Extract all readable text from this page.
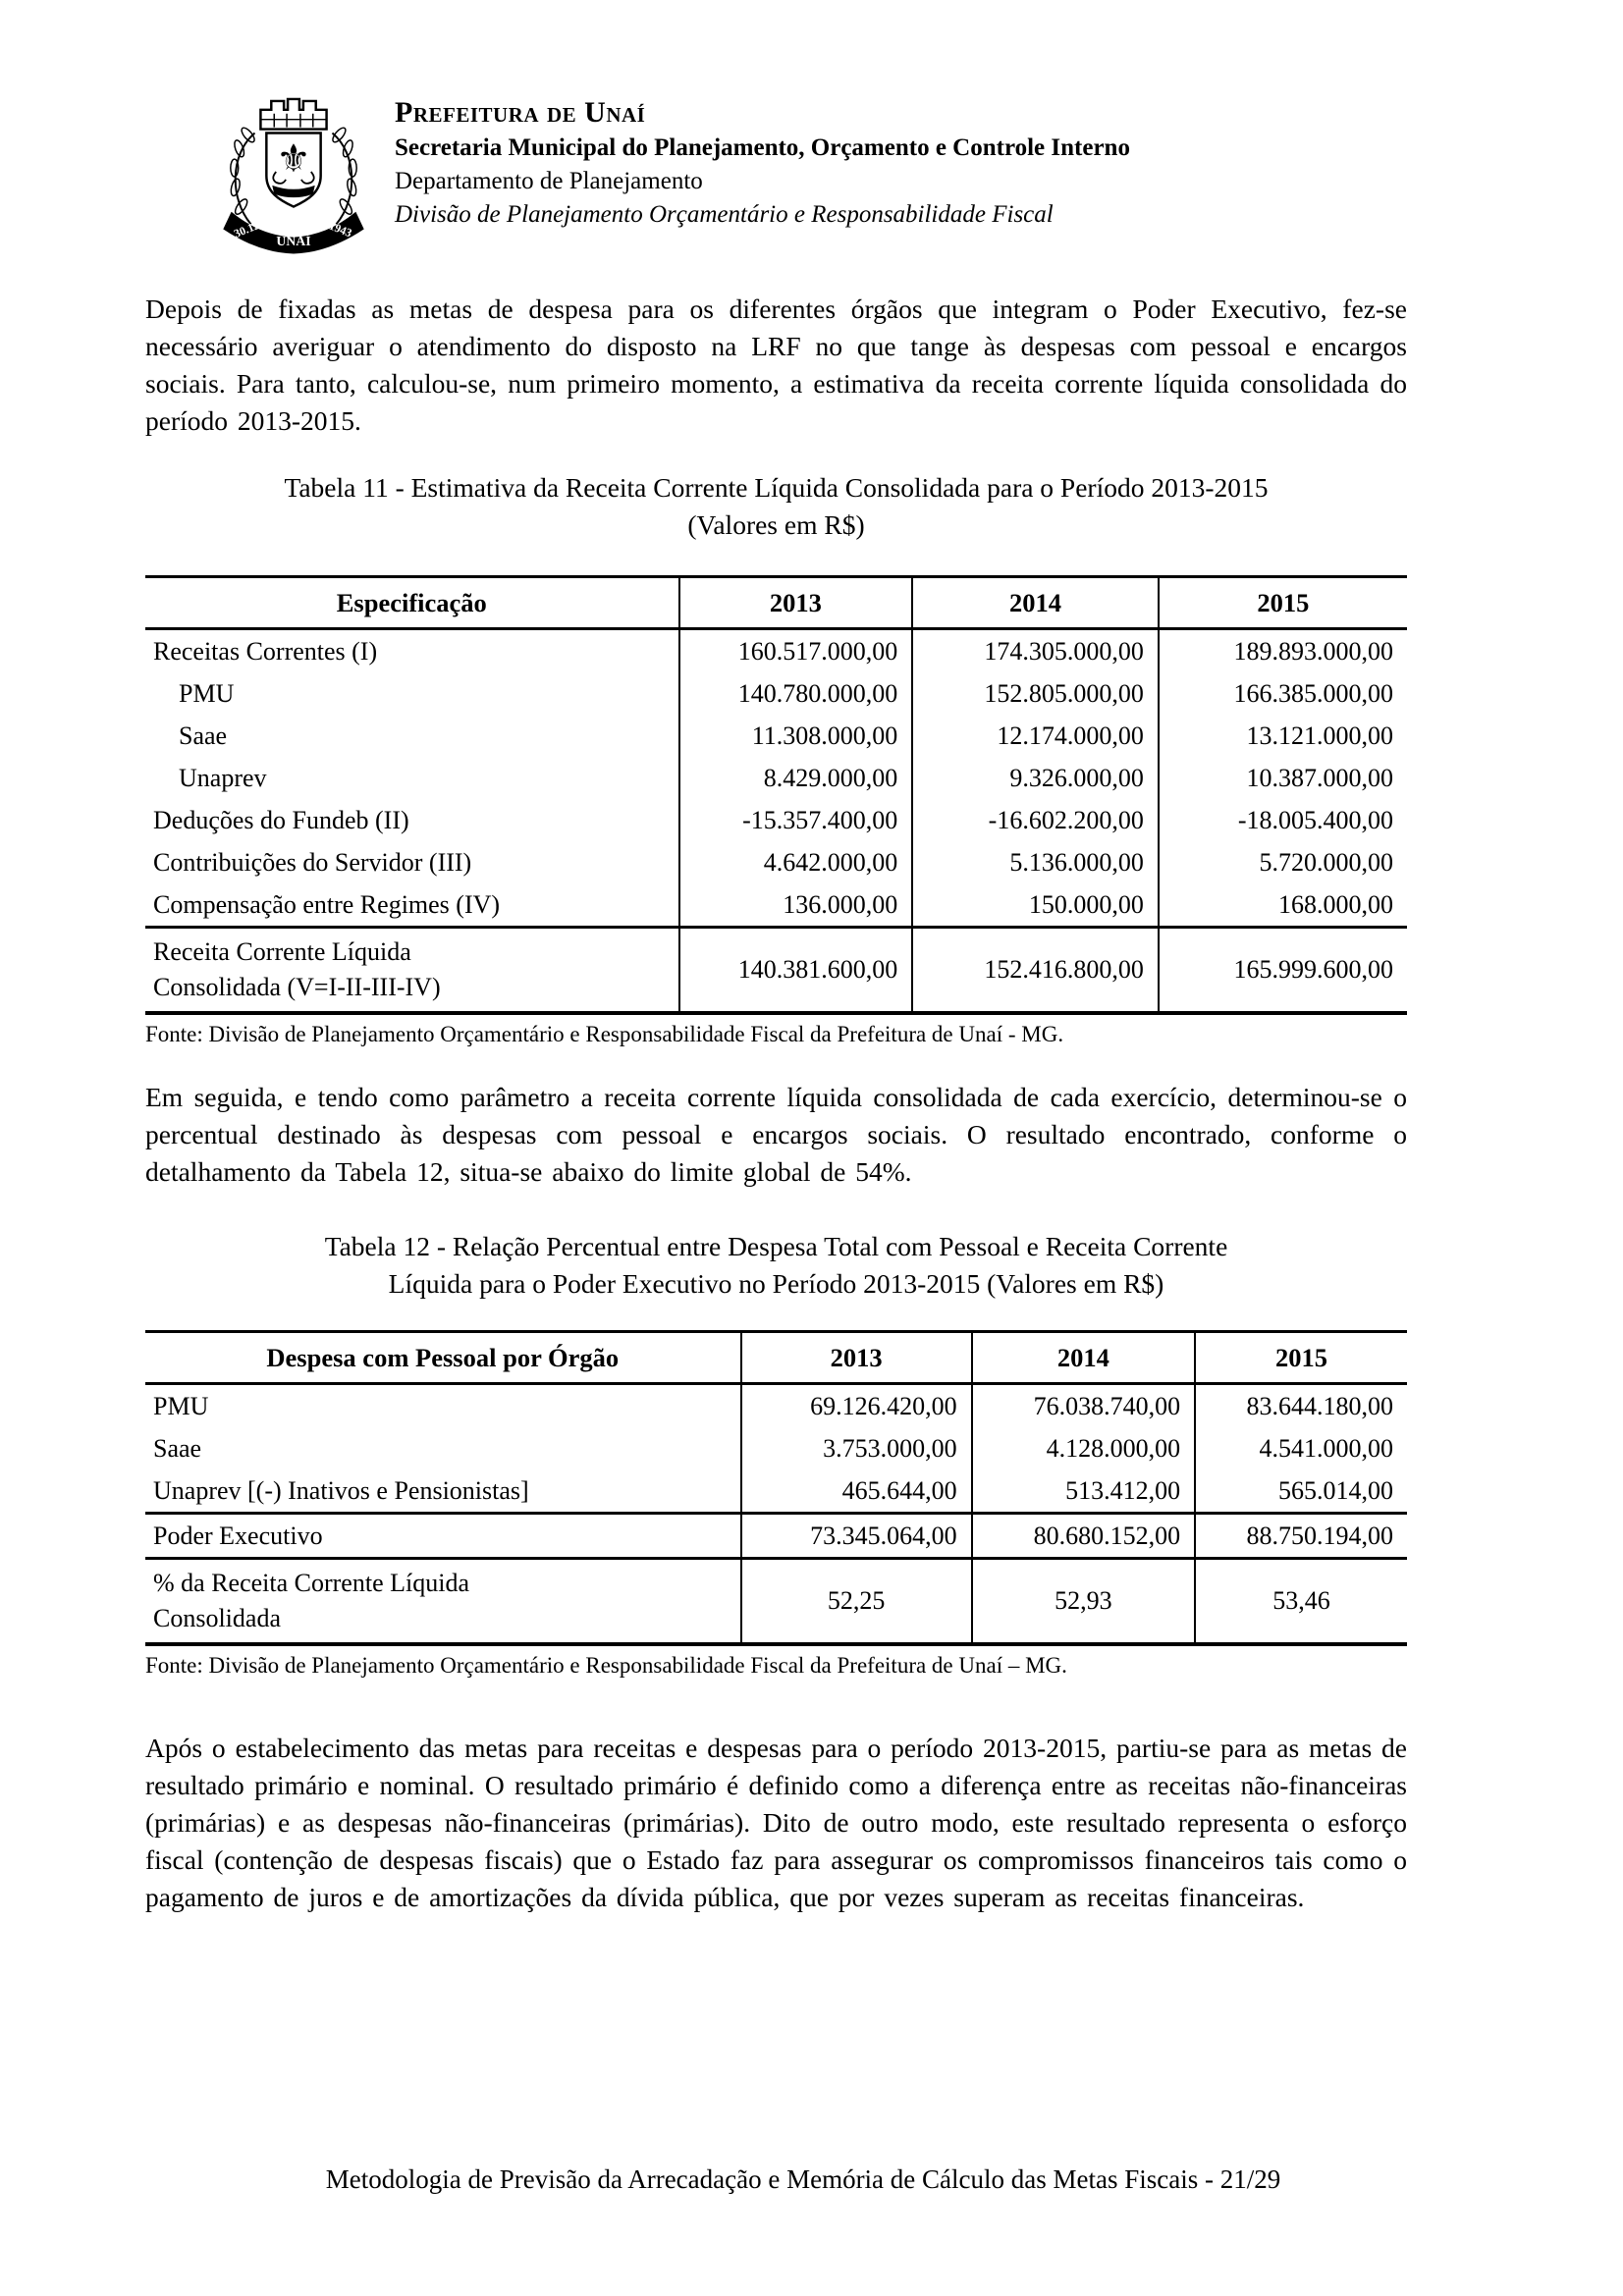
⚜
30.12
UNAÍ
1943
Prefeitura de Unaí
Secretaria Municipal do Planejamento, Orçamento e Controle Interno
Departamento de Planejamento
Divisão de Planejamento Orçamentário e Responsabilidade Fiscal

Depois de fixadas as metas de despesa para os diferentes órgãos que integram o Poder Executivo, fez-se necessário averiguar o atendimento do disposto na LRF no que tange às despesas com pessoal e encargos sociais. Para tanto, calculou-se, num primeiro momento, a estimativa da receita corrente líquida consolidada do período 2013-2015.

Tabela 11 - Estimativa da Receita Corrente Líquida Consolidada para o Período 2013-2015
(Valores em R$)
Especificação	2013	2014	2015
Receitas Correntes (I)	160.517.000,00	174.305.000,00	189.893.000,00
PMU	140.780.000,00	152.805.000,00	166.385.000,00
Saae	11.308.000,00	12.174.000,00	13.121.000,00
Unaprev	8.429.000,00	9.326.000,00	10.387.000,00
Deduções do Fundeb (II)	-15.357.400,00	-16.602.200,00	-18.005.400,00
Contribuições do Servidor (III)	4.642.000,00	5.136.000,00	5.720.000,00
Compensação entre Regimes (IV)	136.000,00	150.000,00	168.000,00

Receita Corrente Líquida
Consolidada (V=I-II-III-IV)	140.381.600,00	152.416.800,00	165.999.600,00
Fonte: Divisão de Planejamento Orçamentário e Responsabilidade Fiscal da Prefeitura de Unaí - MG.

Em seguida, e tendo como parâmetro a receita corrente líquida consolidada de cada exercício, determinou-se o percentual destinado às despesas com pessoal e encargos sociais. O resultado encontrado, conforme o detalhamento da Tabela 12, situa-se abaixo do limite global de 54%.

Tabela 12 - Relação Percentual entre Despesa Total com Pessoal e Receita Corrente
Líquida para o Poder Executivo no Período 2013-2015 (Valores em R$)
Despesa com Pessoal por Órgão	2013	2014	2015
PMU	69.126.420,00	76.038.740,00	83.644.180,00
Saae	3.753.000,00	4.128.000,00	4.541.000,00
Unaprev [(-) Inativos e Pensionistas]	465.644,00	513.412,00	565.014,00
Poder Executivo	73.345.064,00	80.680.152,00	88.750.194,00

% da Receita Corrente Líquida
Consolidada	52,25	52,93	53,46
Fonte: Divisão de Planejamento Orçamentário e Responsabilidade Fiscal da Prefeitura de Unaí – MG.

Após o estabelecimento das metas para receitas e despesas para o período 2013-2015, partiu-se para as metas de resultado primário e nominal. O resultado primário é definido como a diferença entre as receitas não-financeiras (primárias) e as despesas não-financeiras (primárias). Dito de outro modo, este resultado representa o esforço fiscal (contenção de despesas fiscais) que o Estado faz para assegurar os compromissos financeiros tais como o pagamento de juros e de amortizações da dívida pública, que por vezes superam as receitas financeiras.

Metodologia de Previsão da Arrecadação e Memória de Cálculo das Metas Fiscais - 21/29
